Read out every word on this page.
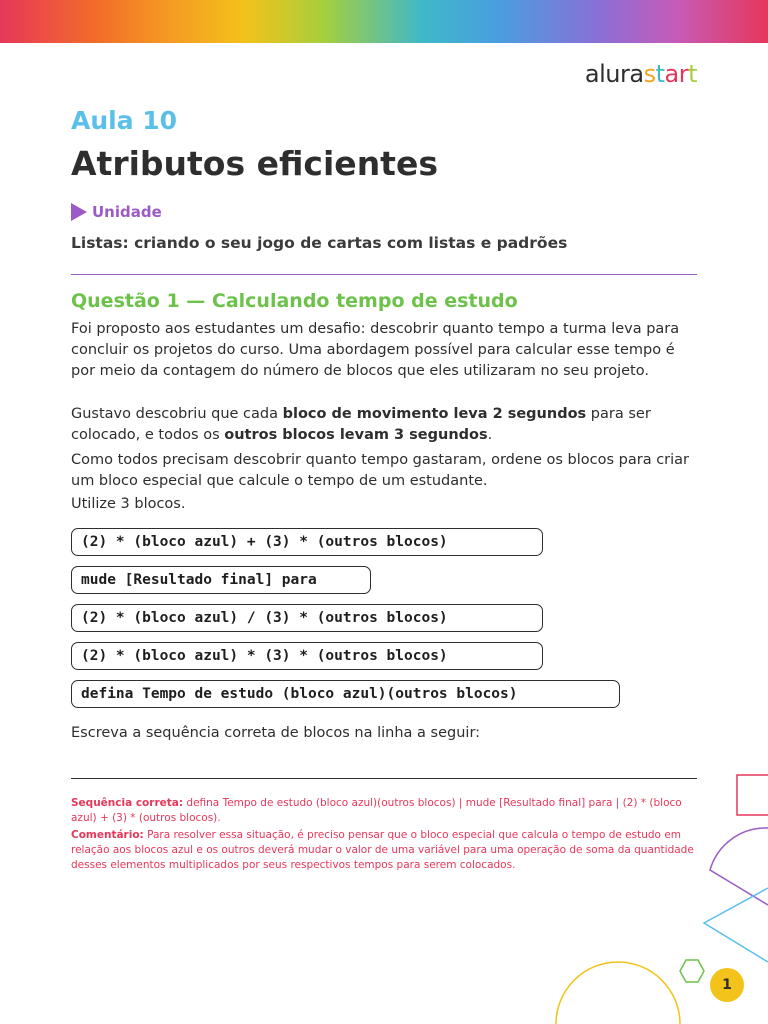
alurastart
Aula 10
Atributos eficientes
Unidade
Listas: criando o seu jogo de cartas com listas e padrões
Questão 1 — Calculando tempo de estudo
Foi proposto aos estudantes um desafio: descobrir quanto tempo a turma leva para concluir os projetos do curso. Uma abordagem possível para calcular esse tempo é por meio da contagem do número de blocos que eles utilizaram no seu projeto.
Gustavo descobriu que cada bloco de movimento leva 2 segundos para ser colocado, e todos os outros blocos levam 3 segundos.
Como todos precisam descobrir quanto tempo gastaram, ordene os blocos para criar um bloco especial que calcule o tempo de um estudante.
Utilize 3 blocos.
(2) * (bloco azul) + (3) * (outros blocos)
mude [Resultado final] para
(2) * (bloco azul) / (3) * (outros blocos)
(2) * (bloco azul) * (3) * (outros blocos)
defina Tempo de estudo (bloco azul)(outros blocos)
Escreva a sequência correta de blocos na linha a seguir:
Sequência correta: defina Tempo de estudo (bloco azul)(outros blocos) | mude [Resultado final] para | (2) * (bloco azul) + (3) * (outros blocos).
Comentário: Para resolver essa situação, é preciso pensar que o bloco especial que calcula o tempo de estudo em relação aos blocos azul e os outros deverá mudar o valor de uma variável para uma operação de soma da quantidade desses elementos multiplicados por seus respectivos tempos para serem colocados.
1
